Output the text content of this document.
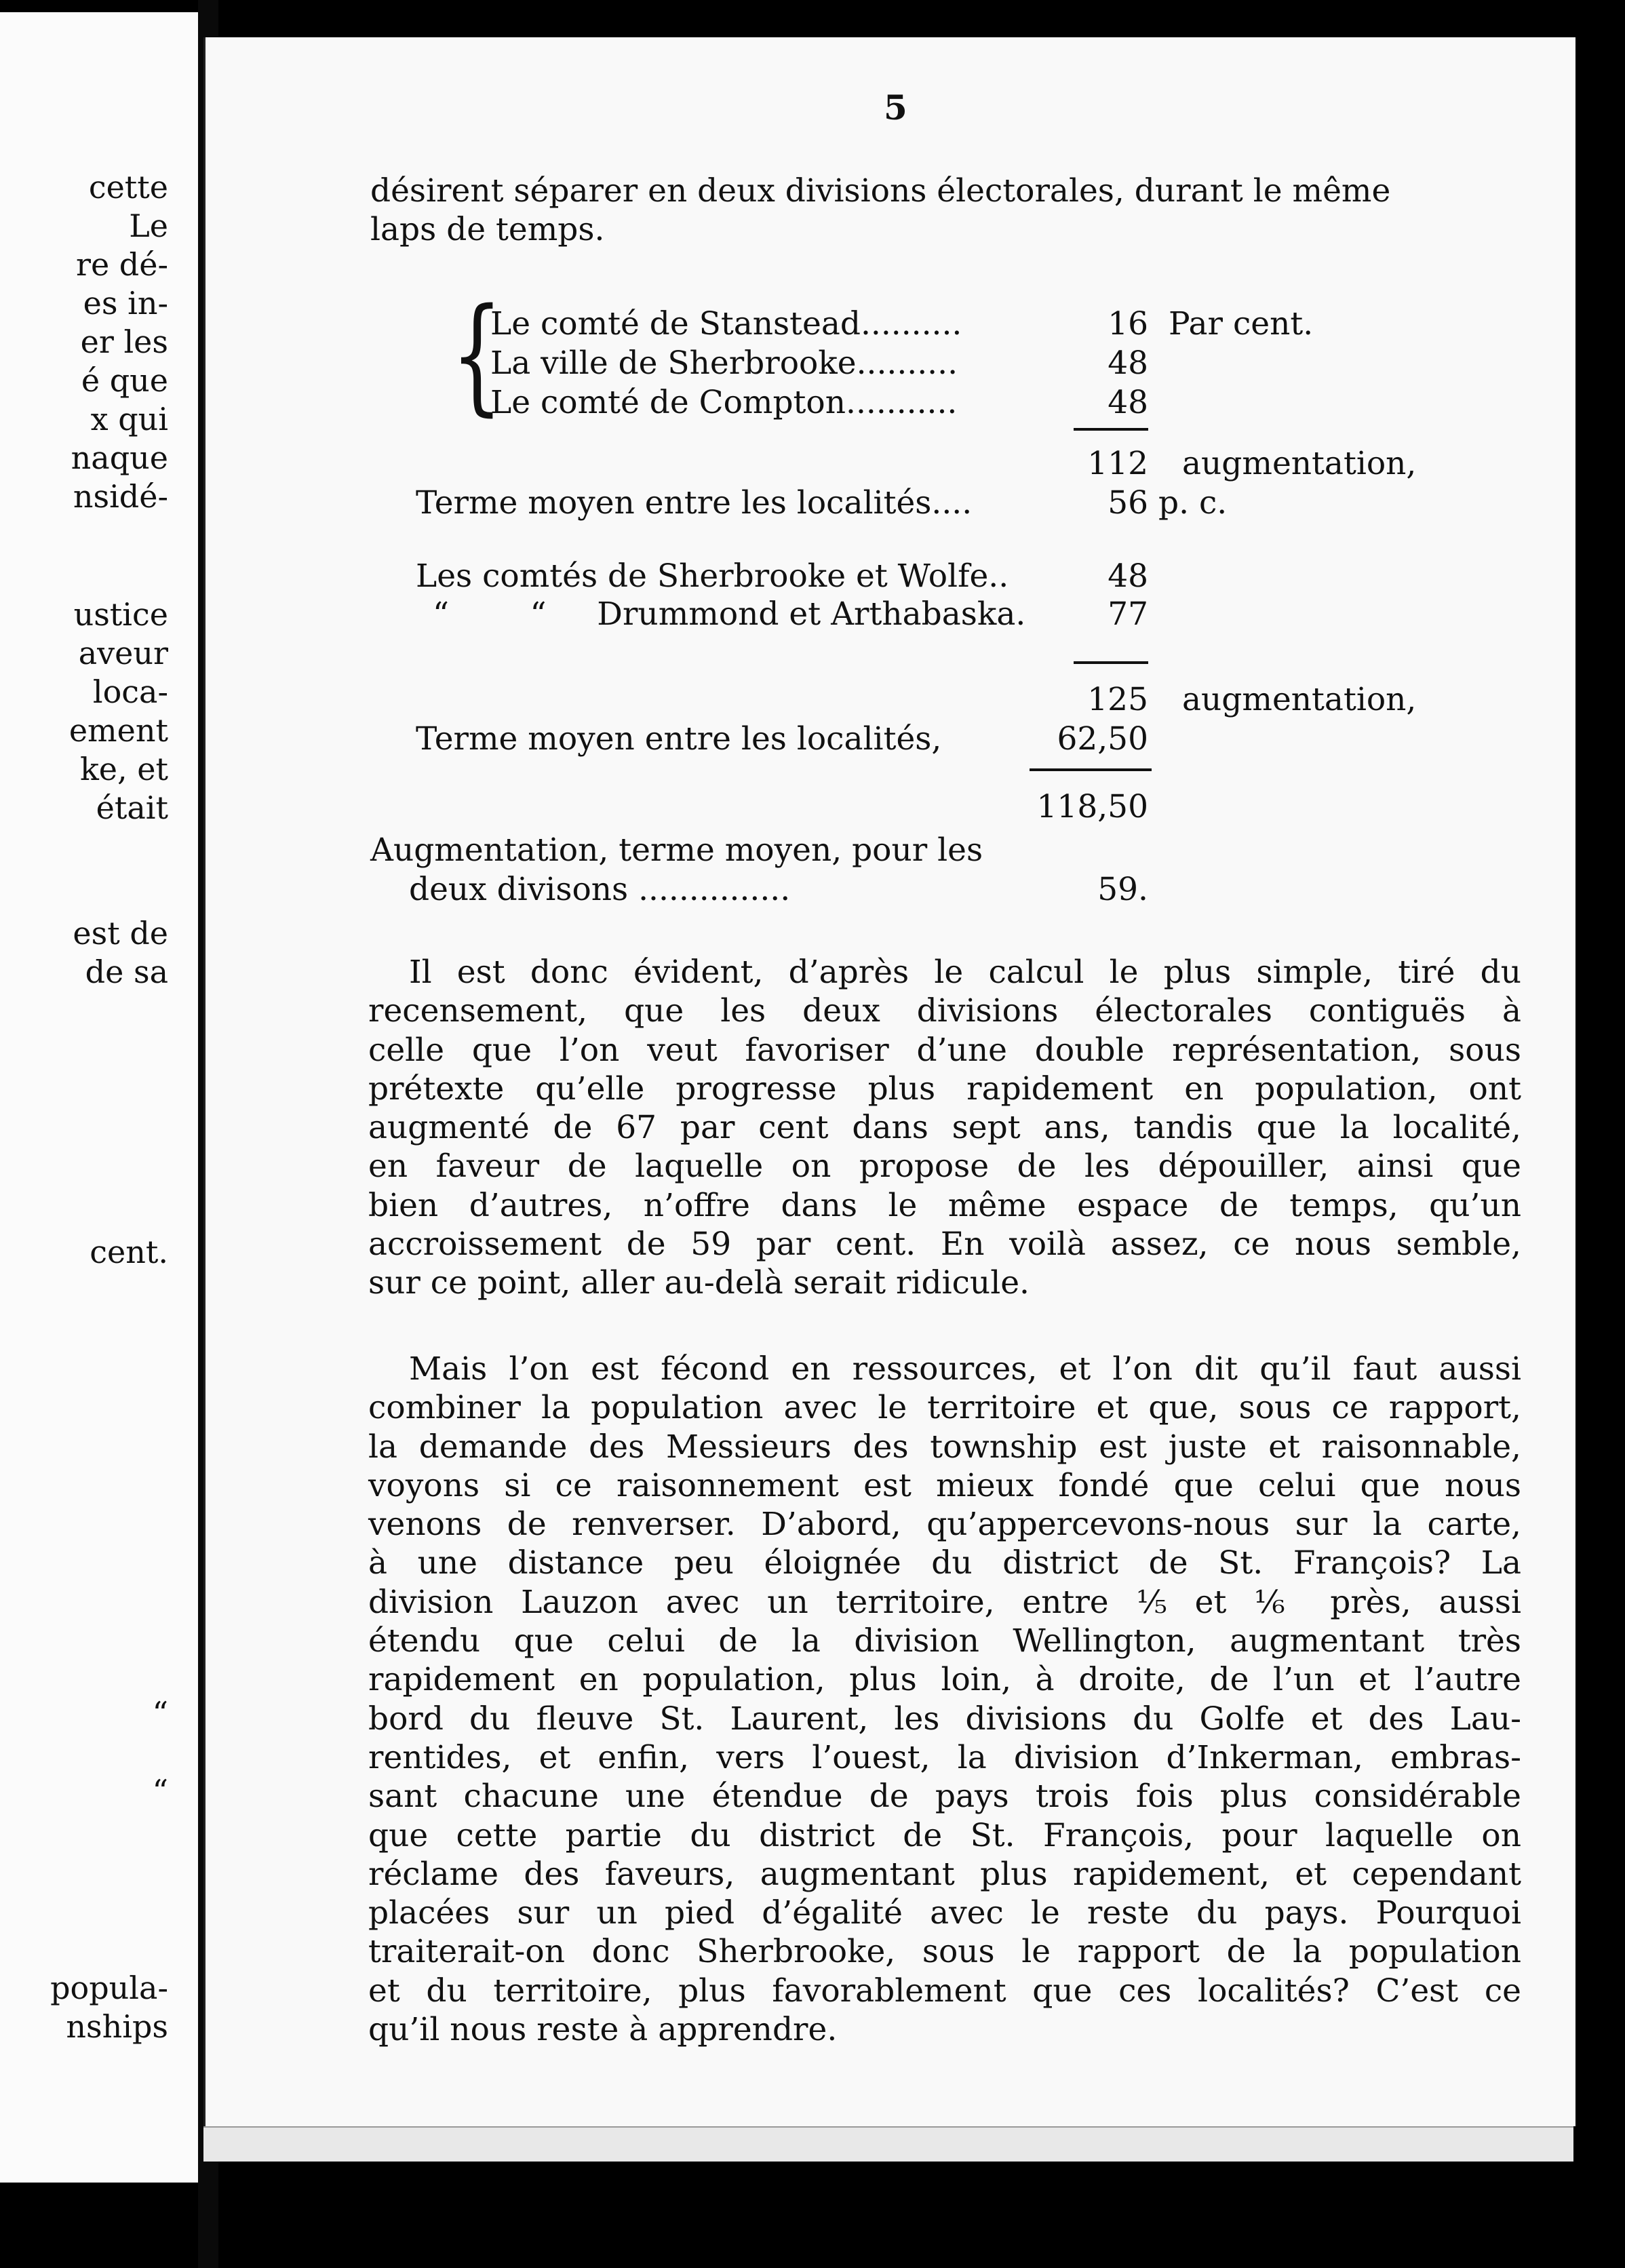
cette
Le
re dé-
es in-
er les
é que
x qui
naque
nsidé-
ustice
aveur
loca-
ement
ke, et
était
est de
de sa
cent.
“
“
popula-
nships
5
désirent séparer en deux divisions électorales, durant le même
laps de temps.
{
Le comté de Stanstead..........	16 Par cent.
La ville de Sherbrooke..........	48
Le comté de Compton...........	48
112 augmentation,
Terme moyen entre les localités....	56 p. c.
Les comtés de Sherbrooke et Wolfe..	48
“        “     Drummond et Arthabaska.	77
125 augmentation,
Terme moyen entre les localités,	62,50
118,50
Augmentation, terme moyen, pour les
deux divisons ...............	59.
Il est donc évident, d’après le calcul le plus simple, tiré du
recensement, que les deux divisions électorales contiguës à
celle que l’on veut favoriser d’une double représentation, sous
prétexte qu’elle progresse plus rapidement en population, ont
augmenté de 67 par cent dans sept ans, tandis que la localité,
en faveur de laquelle on propose de les dépouiller, ainsi que
bien d’autres, n’offre dans le même espace de temps, qu’un
accroissement de 59 par cent. En voilà assez, ce nous semble,
sur ce point, aller au-delà serait ridicule.
Mais l’on est fécond en ressources, et l’on dit qu’il faut aussi
combiner la population avec le territoire et que, sous ce rapport,
la demande des Messieurs des township est juste et raisonnable,
voyons si ce raisonnement est mieux fondé que celui que nous
venons de renverser. D’abord, qu’appercevons-nous sur la carte,
à une distance peu éloignée du district de St. François? La
division Lauzon avec un territoire, entre ⅕ et ⅙ près, aussi
étendu que celui de la division Wellington, augmentant très
rapidement en population, plus loin, à droite, de l’un et l’autre
bord du fleuve St. Laurent, les divisions du Golfe et des Lau-
rentides, et enfin, vers l’ouest, la division d’Inkerman, embras-
sant chacune une étendue de pays trois fois plus considérable
que cette partie du district de St. François, pour laquelle on
réclame des faveurs, augmentant plus rapidement, et cependant
placées sur un pied d’égalité avec le reste du pays. Pourquoi
traiterait-on donc Sherbrooke, sous le rapport de la population
et du territoire, plus favorablement que ces localités? C’est ce
qu’il nous reste à apprendre.
